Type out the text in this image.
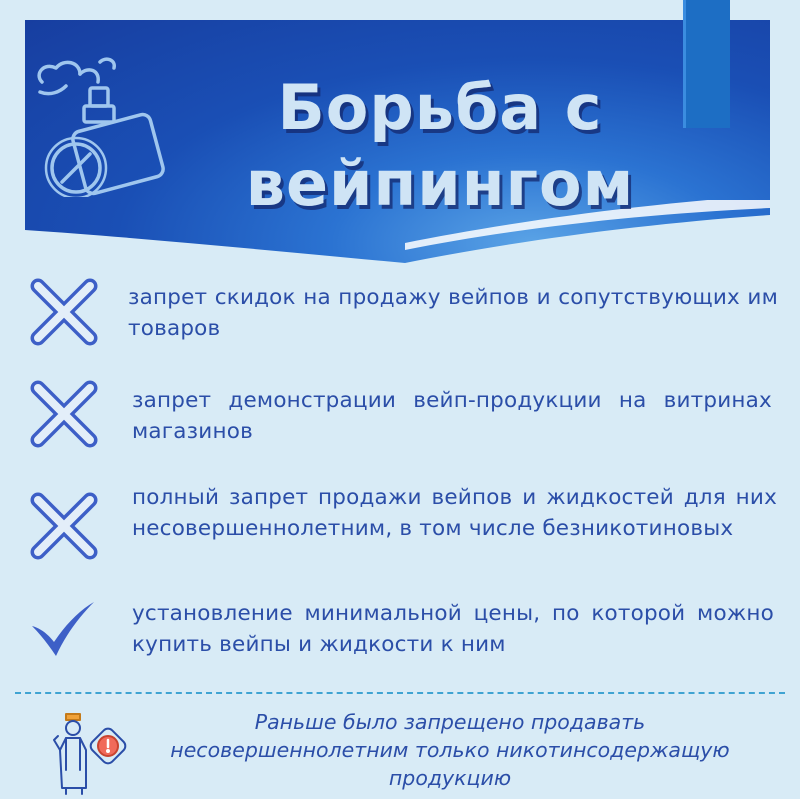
Борьба с
вейпингом
запрет скидок на продажу вейпов и сопутствующих им товаров
запрет демонстрации вейп-продукции на витринах магазинов
полный запрет продажи вейпов и жидкостей для них несовершеннолетним, в том числе безникотиновых
установление минимальной цены, по которой можно купить вейпы и жидкости к ним
Раньше было запрещено продавать несовершеннолетним только никотинсодержащую продукцию
